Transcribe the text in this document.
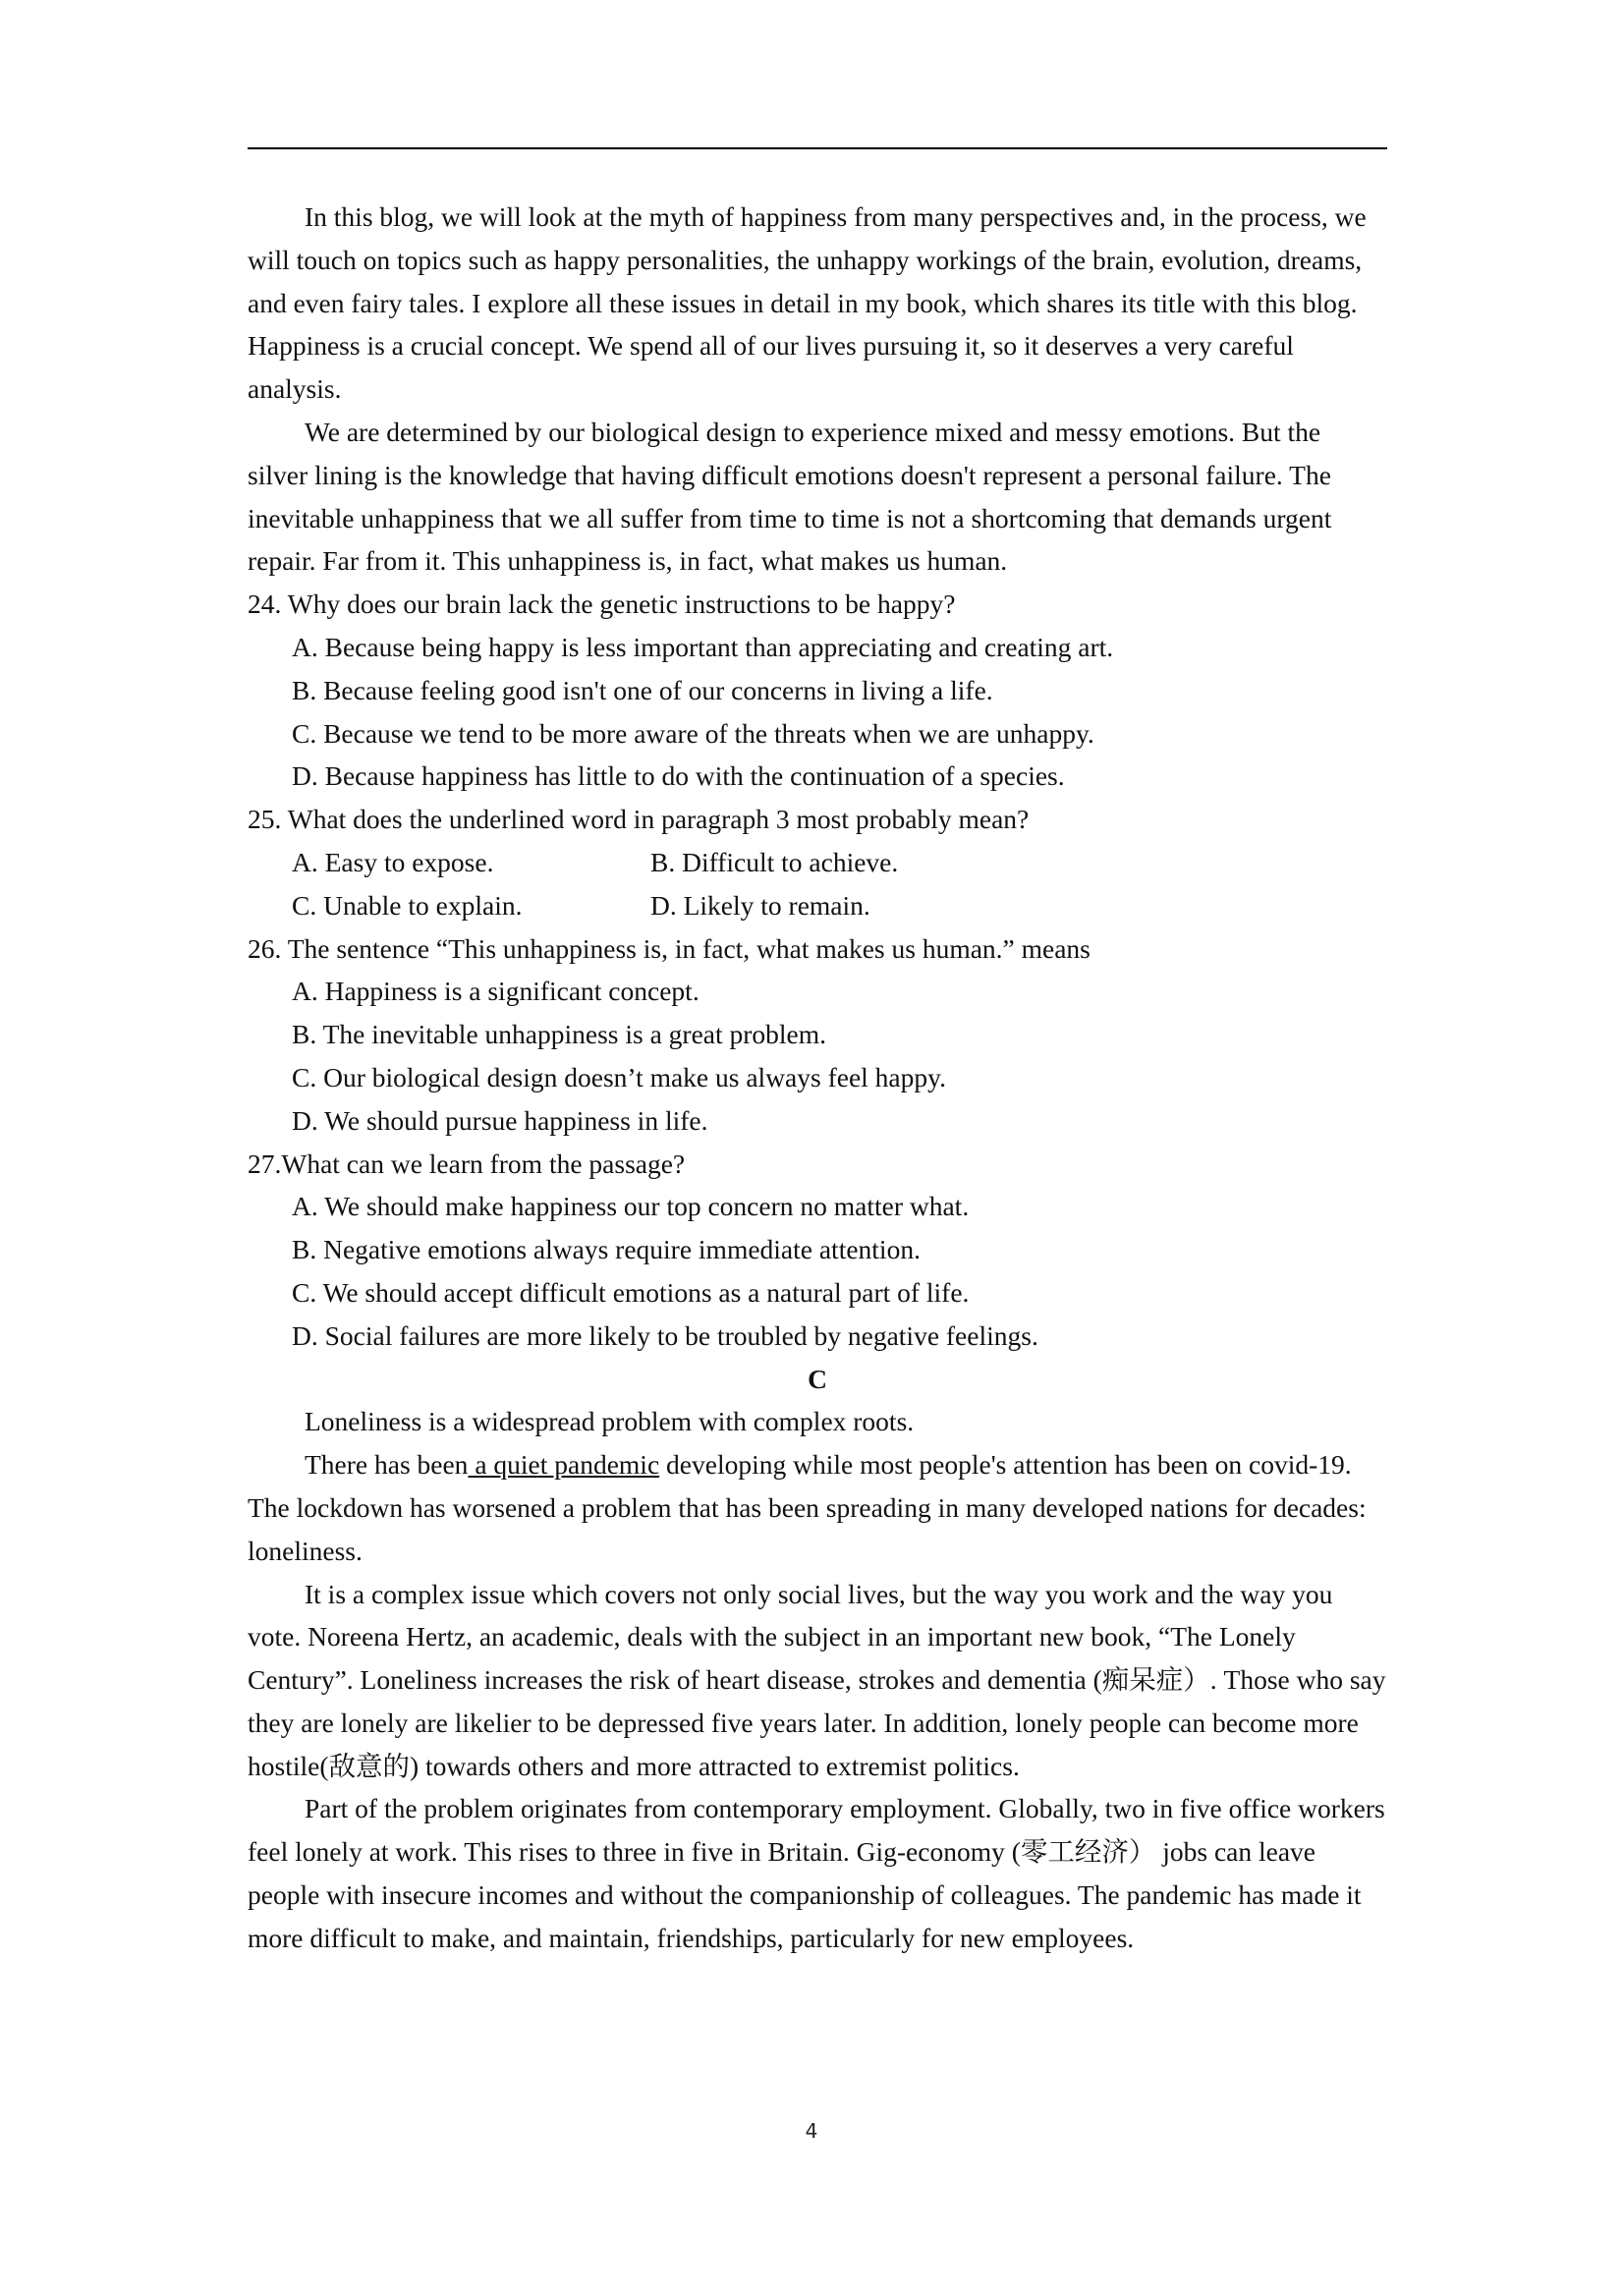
In this blog, we will look at the myth of happiness from many perspectives and, in the process, we will touch on topics such as happy personalities, the unhappy workings of the brain, evolution, dreams, and even fairy tales. I explore all these issues in detail in my book, which shares its title with this blog. Happiness is a crucial concept. We spend all of our lives pursuing it, so it deserves a very careful analysis.

We are determined by our biological design to experience mixed and messy emotions. But the silver lining is the knowledge that having difficult emotions doesn't represent a personal failure. The inevitable unhappiness that we all suffer from time to time is not a shortcoming that demands urgent repair. Far from it. This unhappiness is, in fact, what makes us human.

24. Why does our brain lack the genetic instructions to be happy?
A. Because being happy is less important than appreciating and creating art.
B. Because feeling good isn't one of our concerns in living a life.
C. Because we tend to be more aware of the threats when we are unhappy.
D. Because happiness has little to do with the continuation of a species.
25. What does the underlined word in paragraph 3 most probably mean?
A. Easy to expose.	B. Difficult to achieve.
C. Unable to explain.	D. Likely to remain.
26. The sentence “This unhappiness is, in fact, what makes us human.” means
A. Happiness is a significant concept.
B. The inevitable unhappiness is a great problem.
C. Our biological design doesn’t make us always feel happy.
D. We should pursue happiness in life.
27.What can we learn from the passage?
A. We should make happiness our top concern no matter what.
B. Negative emotions always require immediate attention.
C. We should accept difficult emotions as a natural part of life.
D. Social failures are more likely to be troubled by negative feelings.
C

Loneliness is a widespread problem with complex roots.

There has been a quiet pandemic developing while most people's attention has been on covid-19. The lockdown has worsened a problem that has been spreading in many developed nations for decades: loneliness.

It is a complex issue which covers not only social lives, but the way you work and the way you vote. Noreena Hertz, an academic, deals with the subject in an important new book, “The Lonely Century”. Loneliness increases the risk of heart disease, strokes and dementia (痴呆症）. Those who say they are lonely are likelier to be depressed five years later. In addition, lonely people can become more hostile(敌意的) towards others and more attracted to extremist politics.

Part of the problem originates from contemporary employment. Globally, two in five office workers feel lonely at work. This rises to three in five in Britain. Gig-economy (零工经济） jobs can leave people with insecure incomes and without the companionship of colleagues. The pandemic has made it more difficult to make, and maintain, friendships, particularly for new employees.

4
